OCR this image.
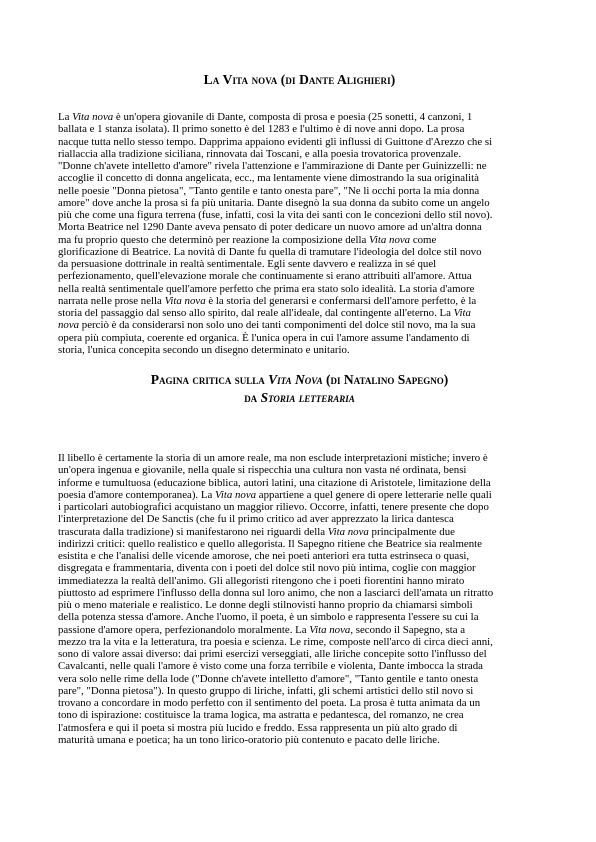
La Vita nova (di Dante Alighieri)
La Vita nova è un'opera giovanile di Dante, composta di prosa e poesia (25 sonetti, 4 canzoni, 1
ballata e 1 stanza isolata). Il primo sonetto è del 1283 e l'ultimo è di nove anni dopo. La prosa
nacque tutta nello stesso tempo. Dapprima appaiono evidenti gli influssi di Guittone d'Arezzo che si
riallaccia alla tradizione siciliana, rinnovata dai Toscani, e alla poesia trovatorica provenzale.
"Donne ch'avete intelletto d'amore" rivela l'attenzione e l'ammirazione di Dante per Guinizzelli: ne
accoglie il concetto di donna angelicata, ecc., ma lentamente viene dimostrando la sua originalità
nelle poesie "Donna pietosa", "Tanto gentile e tanto onesta pare", "Ne li occhi porta la mia donna
amore" dove anche la prosa si fa più unitaria. Dante disegnò la sua donna da subito come un angelo
più che come una figura terrena (fuse, infatti, così la vita dei santi con le concezioni dello stil novo).
Morta Beatrice nel 1290 Dante aveva pensato di poter dedicare un nuovo amore ad un'altra donna
ma fu proprio questo che determinò per reazione la composizione della Vita nova come
glorificazione di Beatrice. La novità di Dante fu quella di tramutare l'ideologia del dolce stil novo
da persuasione dottrinale in realtà sentimentale. Egli sente davvero e realizza in sé quel
perfezionamento, quell'elevazione morale che continuamente si erano attribuiti all'amore. Attua
nella realtà sentimentale quell'amore perfetto che prima era stato solo idealità. La storia d'amore
narrata nelle prose nella Vita nova è la storia del generarsi e confermarsi dell'amore perfetto, è la
storia del passaggio dal senso allo spirito, dal reale all'ideale, dal contingente all'eterno. La Vita
nova perciò è da considerarsi non solo uno dei tanti componimenti del dolce stil novo, ma la sua
opera più compiuta, coerente ed organica. È l'unica opera in cui l'amore assume l'andamento di
storia, l'unica concepita secondo un disegno determinato e unitario.
Pagina critica sulla Vita Nova (di Natalino Sapegno)
da Storia letteraria
Il libello è certamente la storia di un amore reale, ma non esclude interpretazioni mistiche; invero è
un'opera ingenua e giovanile, nella quale si rispecchia una cultura non vasta né ordinata, bensì
informe e tumultuosa (educazione biblica, autori latini, una citazione di Aristotele, limitazione della
poesia d'amore contemporanea). La Vita nova appartiene a quel genere di opere letterarie nelle quali
i particolari autobiografici acquistano un maggior rilievo. Occorre, infatti, tenere presente che dopo
l'interpretazione del De Sanctis (che fu il primo critico ad aver apprezzato la lirica dantesca
trascurata dalla tradizione) si manifestarono nei riguardi della Vita nova principalmente due
indirizzi critici: quello realistico e quello allegorista. Il Sapegno ritiene che Beatrice sia realmente
esistita e che l'analisi delle vicende amorose, che nei poeti anteriori era tutta estrinseca o quasi,
disgregata e frammentaria, diventa con i poeti del dolce stil novo più intima, coglie con maggior
immediatezza la realtà dell'animo. Gli allegoristi ritengono che i poeti fiorentini hanno mirato
piuttosto ad esprimere l'influsso della donna sul loro animo, che non a lasciarci dell'amata un ritratto
più o meno materiale e realistico. Le donne degli stilnovisti hanno proprio da chiamarsi simboli
della potenza stessa d'amore. Anche l'uomo, il poeta, è un simbolo e rappresenta l'essere su cui la
passione d'amore opera, perfezionandolo moralmente. La Vita nova, secondo il Sapegno, sta a
mezzo tra la vita e la letteratura, tra poesia e scienza. Le rime, composte nell'arco di circa dieci anni,
sono di valore assai diverso: dai primi esercizi verseggiati, alle liriche concepite sotto l'influsso del
Cavalcanti, nelle quali l'amore è visto come una forza terribile e violenta, Dante imbocca la strada
vera solo nelle rime della lode ("Donne ch'avete intelletto d'amore", "Tanto gentile e tanto onesta
pare", "Donna pietosa"). In questo gruppo di liriche, infatti, gli schemi artistici dello stil novo si
trovano a concordare in modo perfetto con il sentimento del poeta. La prosa è tutta animata da un
tono di ispirazione: costituisce la trama logica, ma astratta e pedantesca, del romanzo, ne crea
l'atmosfera e qui il poeta si mostra più lucido e freddo. Essa rappresenta un più alto grado di
maturità umana e poetica; ha un tono lirico-oratorio più contenuto e pacato delle liriche.
